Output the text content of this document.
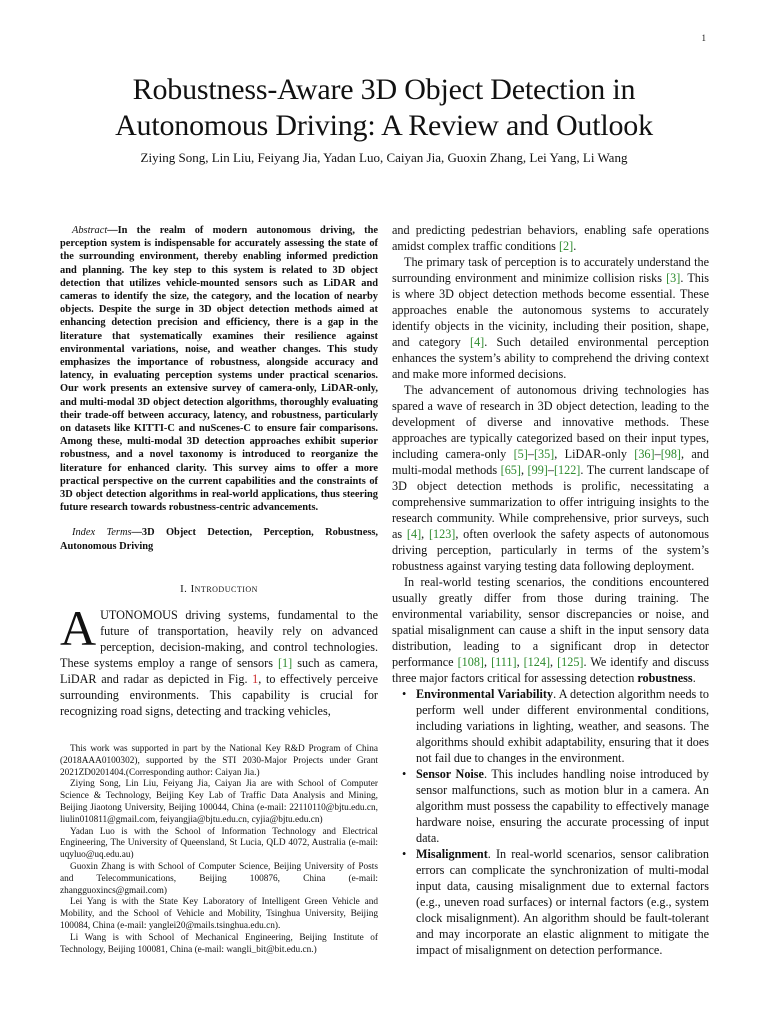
1
Robustness-Aware 3D Object Detection in
Autonomous Driving: A Review and Outlook
Ziying Song, Lin Liu, Feiyang Jia, Yadan Luo, Caiyan Jia, Guoxin Zhang, Lei Yang, Li Wang

Abstract—In the realm of modern autonomous driving, the perception system is indispensable for accurately assessing the state of the surrounding environment, thereby enabling informed prediction and planning. The key step to this system is related to 3D object detection that utilizes vehicle-mounted sensors such as LiDAR and cameras to identify the size, the category, and the location of nearby objects. Despite the surge in 3D object detection methods aimed at enhancing detection precision and efficiency, there is a gap in the literature that systematically examines their resilience against environmental variations, noise, and weather changes. This study emphasizes the importance of robustness, alongside accuracy and latency, in evaluating perception systems under practical scenarios. Our work presents an extensive survey of camera-only, LiDAR-only, and multi-modal 3D object detection algorithms, thoroughly evaluating their trade-off between accuracy, latency, and robustness, particularly on datasets like KITTI-C and nuScenes-C to ensure fair comparisons. Among these, multi-modal 3D detection approaches exhibit superior robustness, and a novel taxonomy is introduced to reorganize the literature for enhanced clarity. This survey aims to offer a more practical perspective on the current capabilities and the constraints of 3D object detection algorithms in real-world applications, thus steering future research towards robustness-centric advancements.

Index Terms—3D Object Detection, Perception, Robustness, Autonomous Driving

I. Introduction

AUTONOMOUS driving systems, fundamental to the future of transportation, heavily rely on advanced perception, decision-making, and control technologies. These systems employ a range of sensors [1] such as camera, LiDAR and radar as depicted in Fig. 1, to effectively perceive surrounding environments. This capability is crucial for recognizing road signs, detecting and tracking vehicles,

This work was supported in part by the National Key R&D Program of China (2018AAA0100302), supported by the STI 2030-Major Projects under Grant 2021ZD0201404.(Corresponding author: Caiyan Jia.)

Ziying Song, Lin Liu, Feiyang Jia, Caiyan Jia are with School of Computer Science & Technology, Beijing Key Lab of Traffic Data Analysis and Mining, Beijing Jiaotong University, Beijing 100044, China (e-mail: 22110110@bjtu.edu.cn, liulin010811@gmail.com, feiyangjia@bjtu.edu.cn, cyjia@bjtu.edu.cn)

Yadan Luo is with the School of Information Technology and Electrical Engineering, The University of Queensland, St Lucia, QLD 4072, Australia (e-mail: uqyluo@uq.edu.au)

Guoxin Zhang is with School of Computer Science, Beijing University of Posts and Telecommunications, Beijing 100876, China (e-mail: zhangguoxincs@gmail.com)

Lei Yang is with the State Key Laboratory of Intelligent Green Vehicle and Mobility, and the School of Vehicle and Mobility, Tsinghua University, Beijing 100084, China (e-mail: yanglei20@mails.tsinghua.edu.cn).

Li Wang is with School of Mechanical Engineering, Beijing Institute of Technology, Beijing 100081, China (e-mail: wangli_bit@bit.edu.cn.)

and predicting pedestrian behaviors, enabling safe operations amidst complex traffic conditions [2].

The primary task of perception is to accurately understand the surrounding environment and minimize collision risks [3]. This is where 3D object detection methods become essential. These approaches enable the autonomous systems to accurately identify objects in the vicinity, including their position, shape, and category [4]. Such detailed environmental perception enhances the system’s ability to comprehend the driving context and make more informed decisions.

The advancement of autonomous driving technologies has spared a wave of research in 3D object detection, leading to the development of diverse and innovative methods. These approaches are typically categorized based on their input types, including camera-only [5]–[35], LiDAR-only [36]–[98], and multi-modal methods [65], [99]–[122]. The current landscape of 3D object detection methods is prolific, necessitating a comprehensive summarization to offer intriguing insights to the research community. While comprehensive, prior surveys, such as [4], [123], often overlook the safety aspects of autonomous driving perception, particularly in terms of the system’s robustness against varying testing data following deployment.

In real-world testing scenarios, the conditions encountered usually greatly differ from those during training. The environmental variability, sensor discrepancies or noise, and spatial misalignment can cause a shift in the input sensory data distribution, leading to a significant drop in detector performance [108], [111], [124], [125]. We identify and discuss three major factors critical for assessing detection robustness.

• Environmental Variability. A detection algorithm needs to perform well under different environmental conditions, including variations in lighting, weather, and seasons. The algorithms should exhibit adaptability, ensuring that it does not fail due to changes in the environment.
• Sensor Noise. This includes handling noise introduced by sensor malfunctions, such as motion blur in a camera. An algorithm must possess the capability to effectively manage hardware noise, ensuring the accurate processing of input data.
• Misalignment. In real-world scenarios, sensor calibration errors can complicate the synchronization of multi-modal input data, causing misalignment due to external factors (e.g., uneven road surfaces) or internal factors (e.g., system clock misalignment). An algorithm should be fault-tolerant and may incorporate an elastic alignment to mitigate the impact of misalignment on detection performance.
